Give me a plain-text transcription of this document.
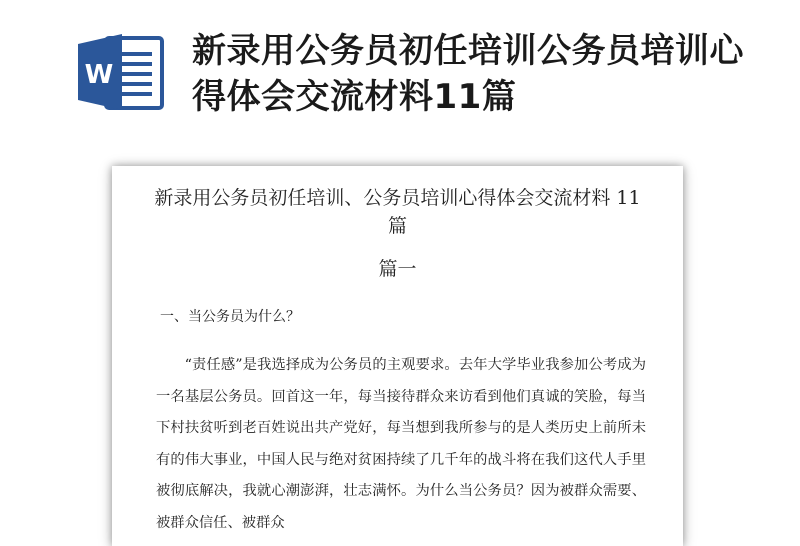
W
新录用公务员初任培训公务员培训心得体会交流材料11篇
新录用公务员初任培训、公务员培训心得体会交流材料 11 篇
篇一

一、当公务员为什么？

“责任感”是我选择成为公务员的主观要求。去年大学毕业我参加公考成为一名基层公务员。回首这一年，每当接待群众来访看到他们真诚的笑脸，每当下村扶贫听到老百姓说出共产党好，每当想到我所参与的是人类历史上前所未有的伟大事业，中国人民与绝对贫困持续了几千年的战斗将在我们这代人手里被彻底解决，我就心潮澎湃，壮志满怀。为什么当公务员？因为被群众需要、被群众信任、被群众
